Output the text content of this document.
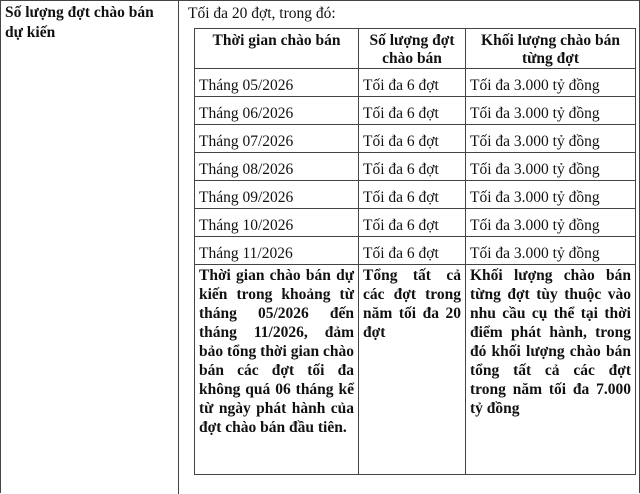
Số lượng đợt chào bán dự kiến
Tối đa 20 đợt, trong đó:
Thời gian chào bán	Số lượng đợt chào bán	Khối lượng chào bán từng đợt
Tháng 05/2026	Tối đa 6 đợt	Tối đa 3.000 tỷ đồng
Tháng 06/2026	Tối đa 6 đợt	Tối đa 3.000 tỷ đồng
Tháng 07/2026	Tối đa 6 đợt	Tối đa 3.000 tỷ đồng
Tháng 08/2026	Tối đa 6 đợt	Tối đa 3.000 tỷ đồng
Tháng 09/2026	Tối đa 6 đợt	Tối đa 3.000 tỷ đồng
Tháng 10/2026	Tối đa 6 đợt	Tối đa 3.000 tỷ đồng
Tháng 11/2026	Tối đa 6 đợt	Tối đa 3.000 tỷ đồng
Thời gian chào bán dự kiến trong khoảng từ tháng 05/2026 đến tháng 11/2026, đảm bảo tổng thời gian chào bán các đợt tối đa không quá 06 tháng kể từ ngày phát hành của đợt chào bán đầu tiên.	Tổng tất cả các đợt trong năm tối đa 20 đợt	Khối lượng chào bán từng đợt tùy thuộc vào nhu cầu cụ thể tại thời điểm phát hành, trong đó khối lượng chào bán tổng tất cả các đợt trong năm tối đa 7.000 tỷ đồng
